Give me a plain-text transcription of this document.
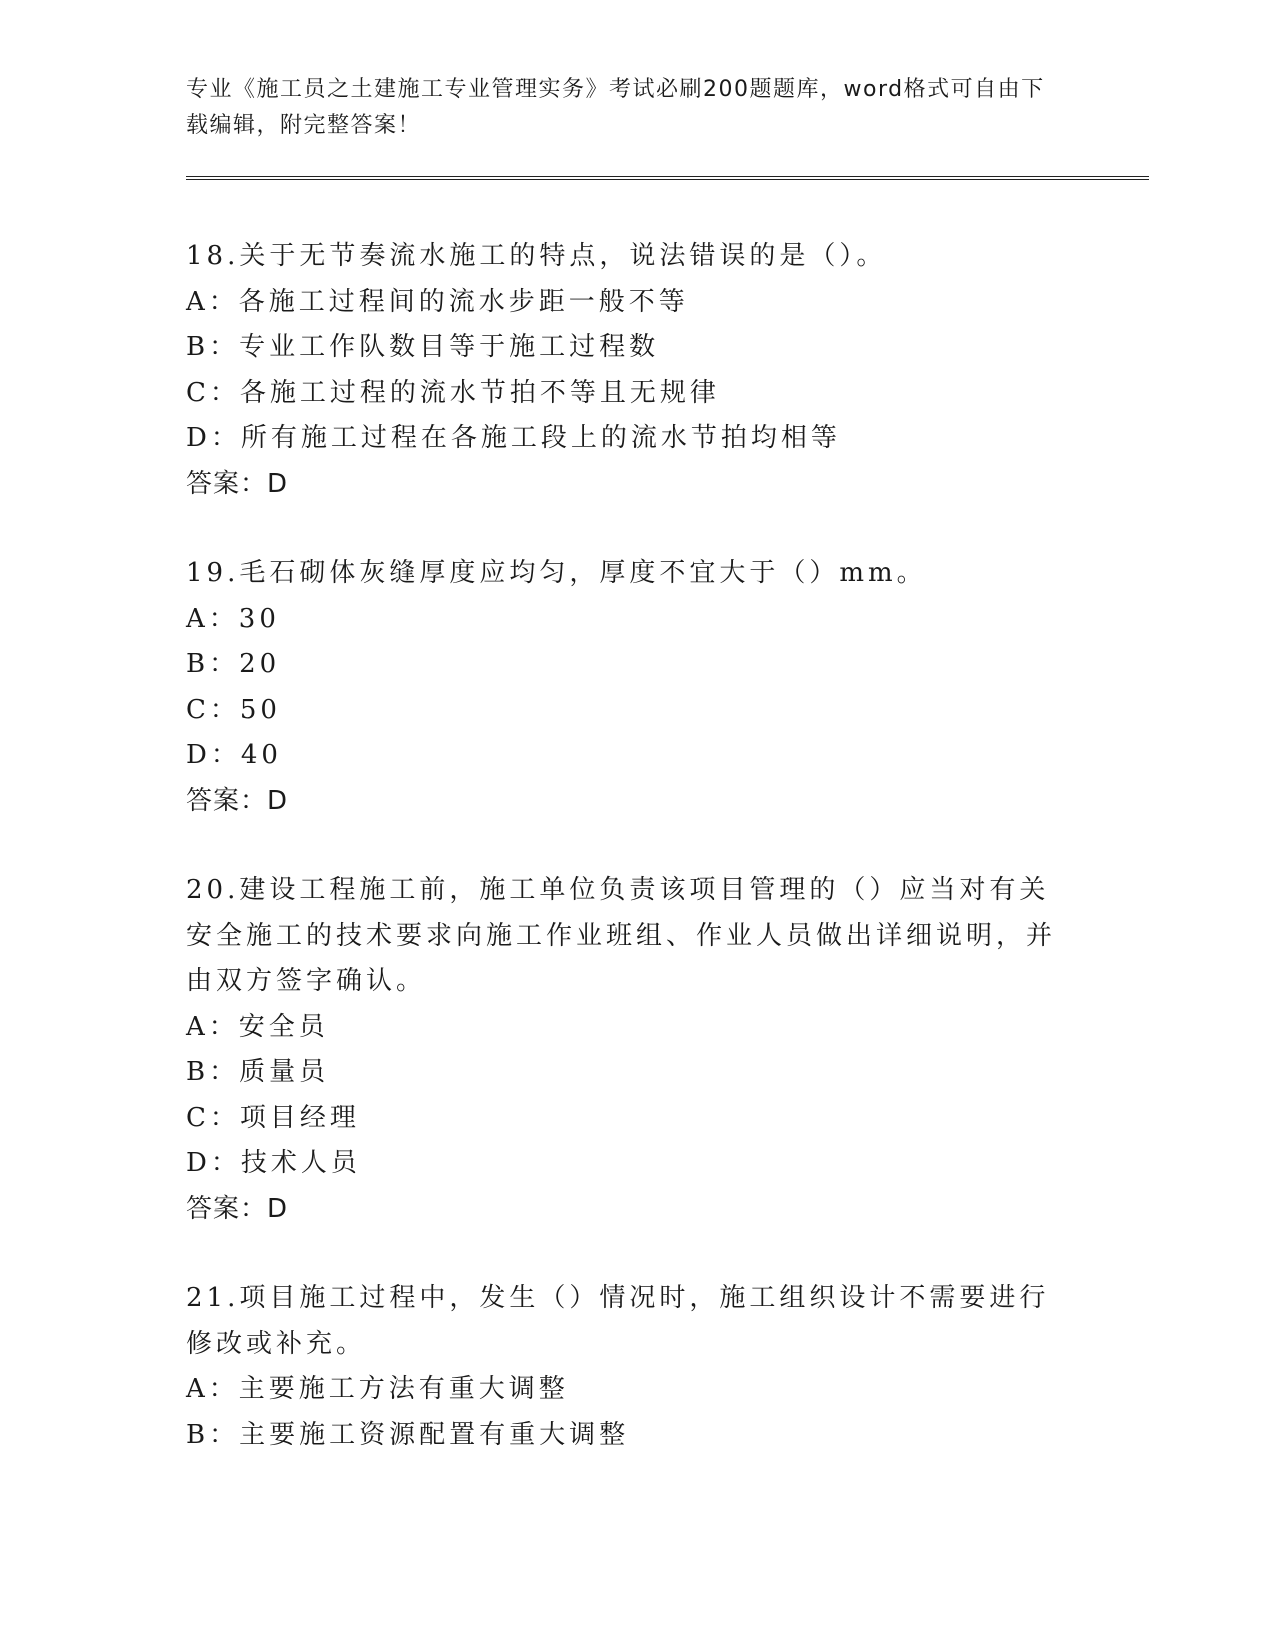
专业《施工员之土建施工专业管理实务》考试必刷200题题库，word格式可自由下载编辑，附完整答案！

18.关于无节奏流水施工的特点，说法错误的是（）。

A：各施工过程间的流水步距一般不等

B：专业工作队数目等于施工过程数

C：各施工过程的流水节拍不等且无规律

D：所有施工过程在各施工段上的流水节拍均相等

答案：D

19.毛石砌体灰缝厚度应均匀，厚度不宜大于（）mm。

A：30

B：20

C：50

D：40

答案：D

20.建设工程施工前，施工单位负责该项目管理的（）应当对有关安全施工的技术要求向施工作业班组、作业人员做出详细说明，并由双方签字确认。

A：安全员

B：质量员

C：项目经理

D：技术人员

答案：D

21.项目施工过程中，发生（）情况时，施工组织设计不需要进行修改或补充。

A：主要施工方法有重大调整

B：主要施工资源配置有重大调整
